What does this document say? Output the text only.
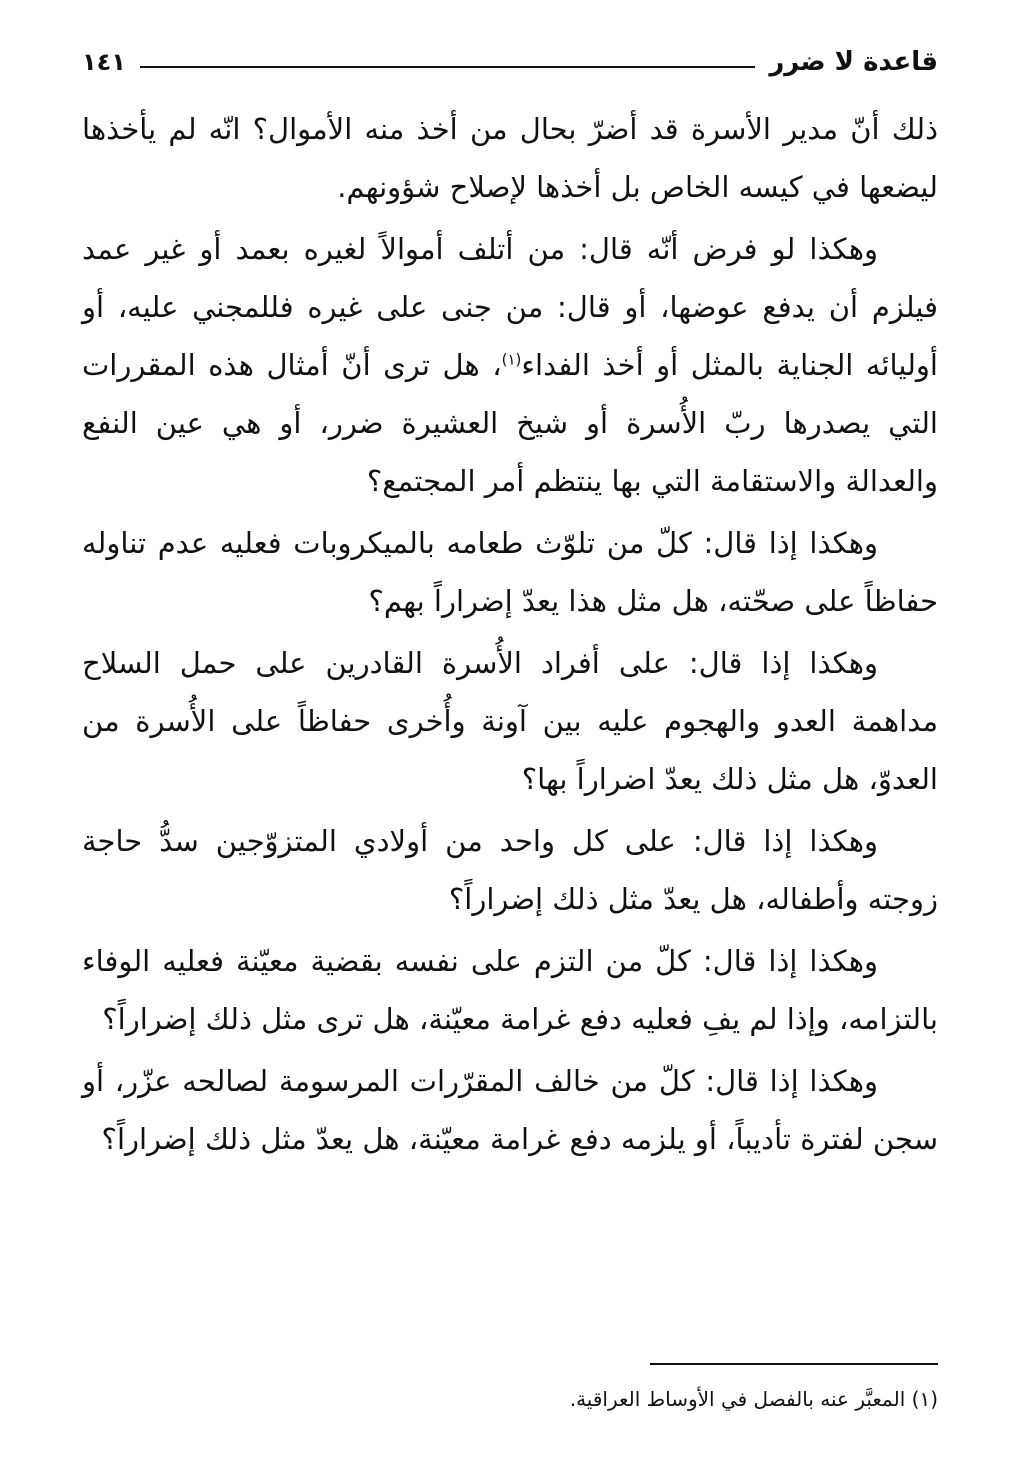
قاعدة لا ضرر
١٤١

ذلك أنّ مدير الأسرة قد أضرّ بحال من أخذ منه الأموال؟ انّه لم يأخذها ليضعها في كيسه الخاص بل أخذها لإصلاح شؤونهم.

وهكذا لو فرض أنّه قال: من أتلف أموالاً لغيره بعمد أو غير عمد فيلزم أن يدفع عوضها، أو قال: من جنى على غيره فللمجني عليه، أو أوليائه الجناية بالمثل أو أخذ الفداء$^{(١)}$، هل ترى أنّ أمثال هذه المقررات التي يصدرها ربّ الأُسرة أو شيخ العشيرة ضرر، أو هي عين النفع والعدالة والاستقامة التي بها ينتظم أمر المجتمع؟

وهكذا إذا قال: كلّ من تلوّث طعامه بالميكروبات فعليه عدم تناوله حفاظاً على صحّته، هل مثل هذا يعدّ إضراراً بهم؟

وهكذا إذا قال: على أفراد الأُسرة القادرين على حمل السلاح مداهمة العدو والهجوم عليه بين آونة وأُخرى حفاظاً على الأُسرة من العدوّ، هل مثل ذلك يعدّ اضراراً بها؟

وهكذا إذا قال: على كل واحد من أولادي المتزوّجين سدُّ حاجة زوجته وأطفاله، هل يعدّ مثل ذلك إضراراً؟

وهكذا إذا قال: كلّ من التزم على نفسه بقضية معيّنة فعليه الوفاء بالتزامه، وإذا لم يفِ فعليه دفع غرامة معيّنة، هل ترى مثل ذلك إضراراً؟

وهكذا إذا قال: كلّ من خالف المقرّرات المرسومة لصالحه عزّر، أو سجن لفترة تأديباً، أو يلزمه دفع غرامة معيّنة، هل يعدّ مثل ذلك إضراراً؟

(١) المعبَّر عنه بالفصل في الأوساط العراقية.
